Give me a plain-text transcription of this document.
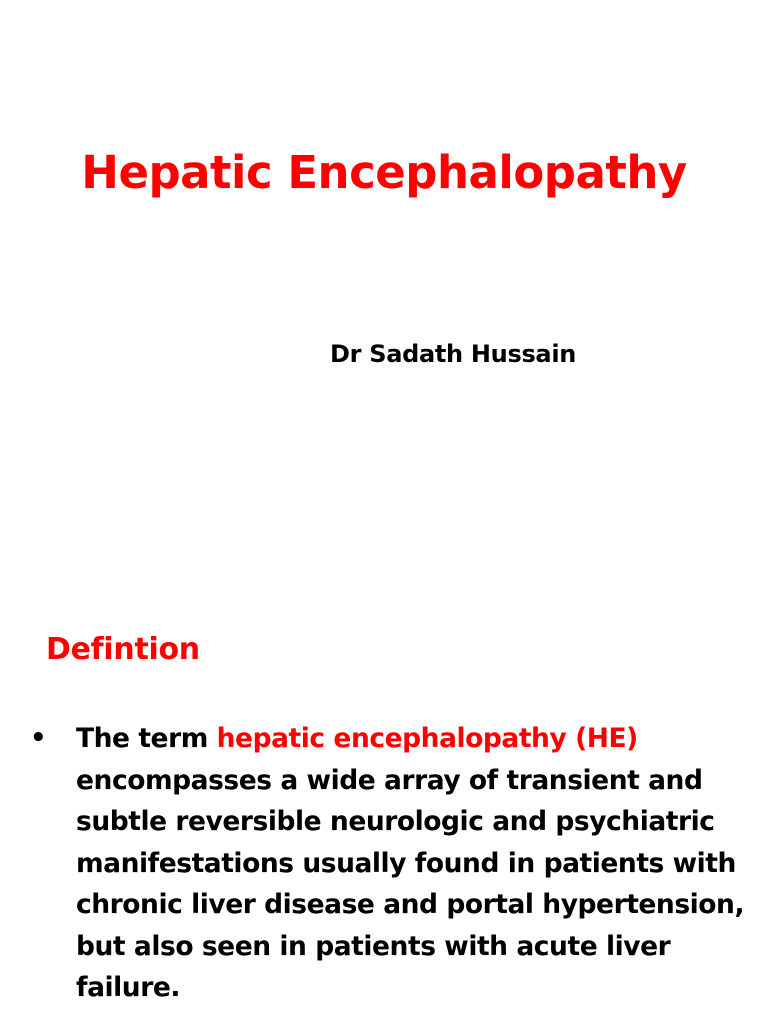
Hepatic Encephalopathy

Dr Sadath Hussain

Defintion
• The term hepatic encephalopathy (HE) encompasses a wide array of transient and subtle reversible neurologic and psychiatric manifestations usually found in patients with chronic liver disease and portal hypertension, but also seen in patients with acute liver failure.
